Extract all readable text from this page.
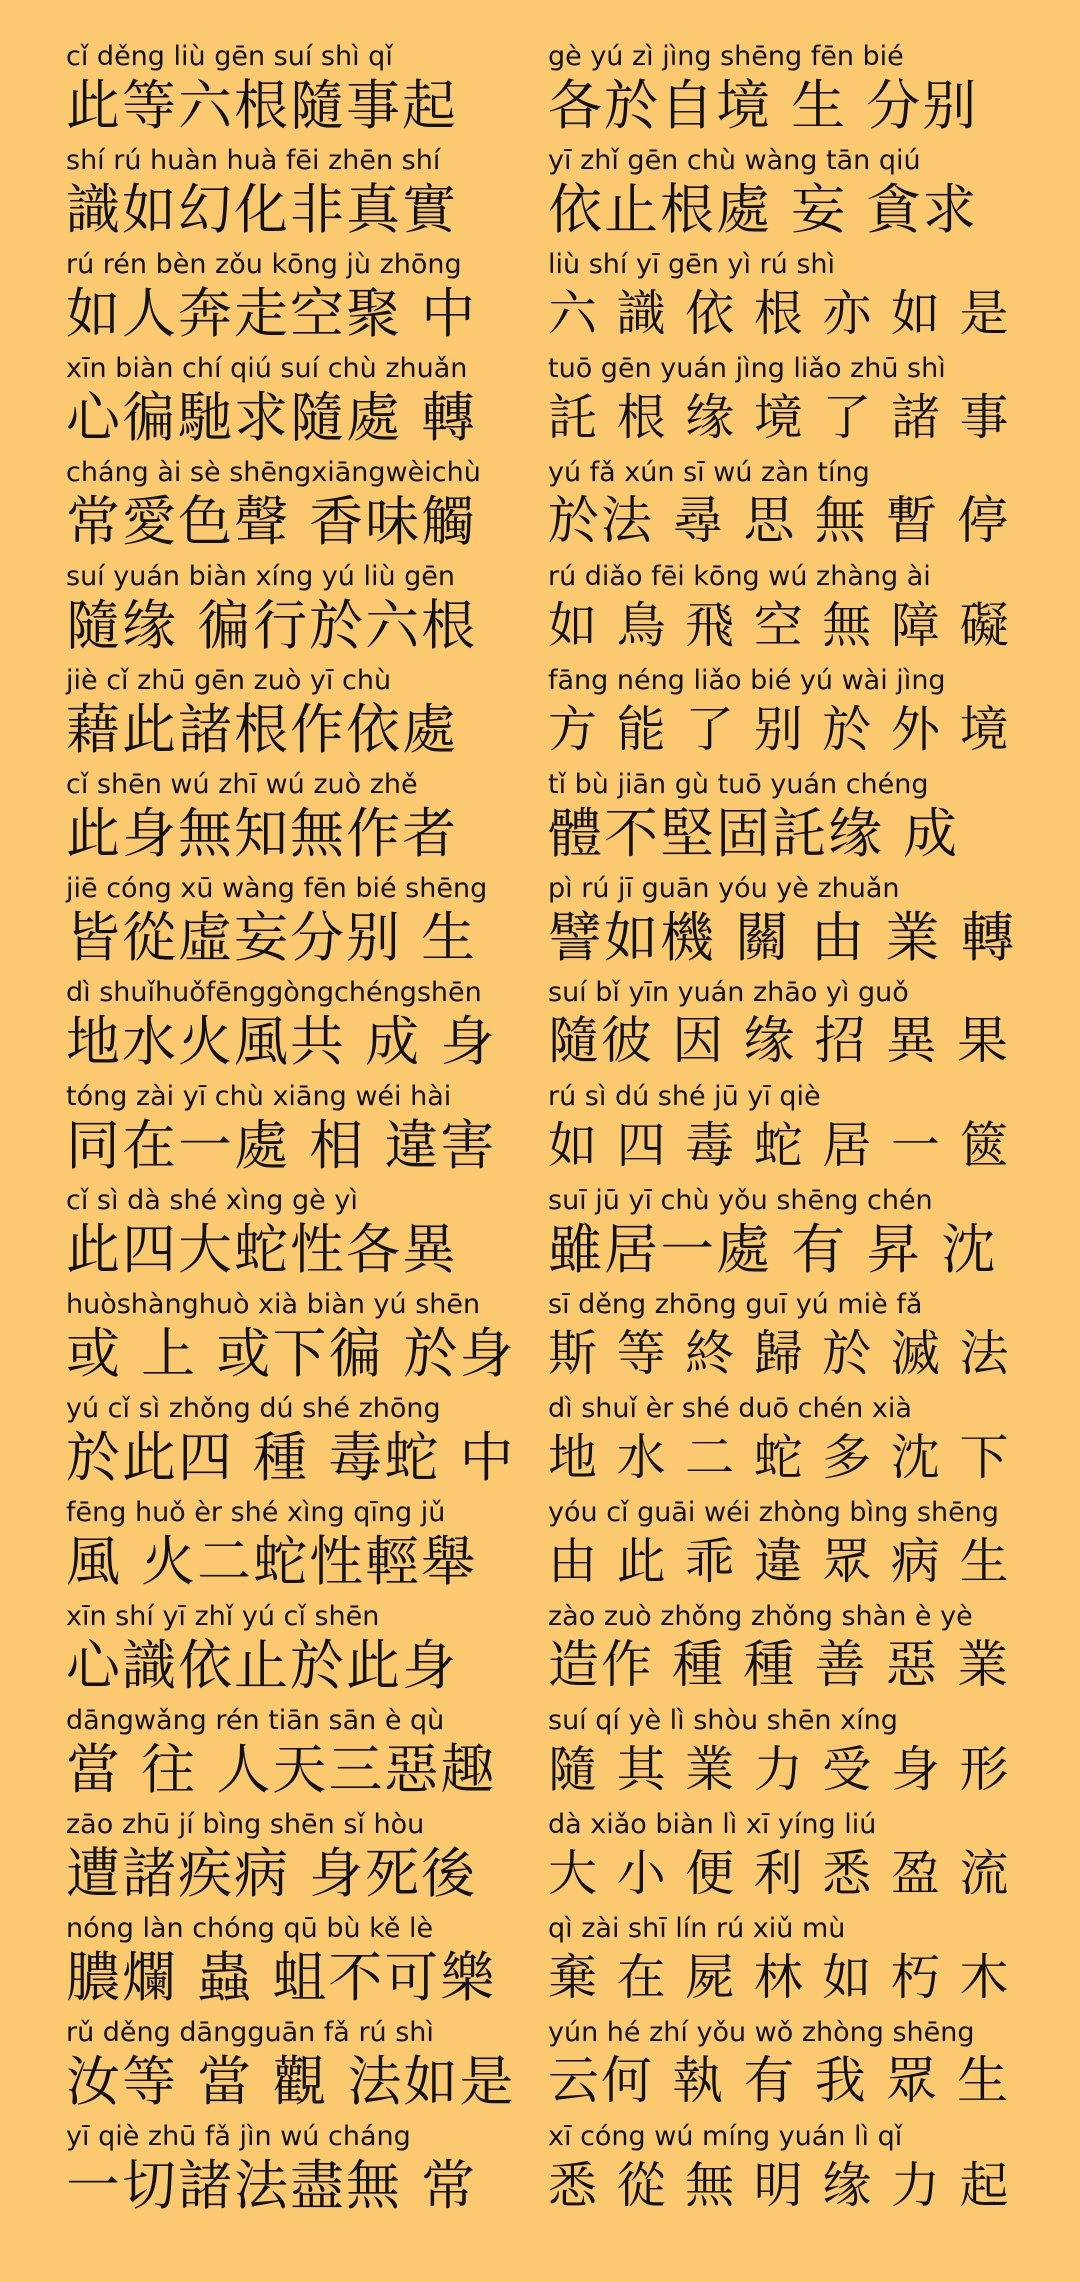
cǐ děng liù gēn suí shì qǐ
此等六根隨事起
shí rú huàn huà fēi zhēn shí
識如幻化非真實
rú rén bèn zǒu kōng jù zhōng
如人奔走空聚 中
xīn biàn chí qiú suí chù zhuǎn
心徧馳求隨處 轉
cháng ài sè shēngxiāngwèichù
常愛色聲 香味觸
suí yuán biàn xíng yú liù gēn
隨缘 徧行於六根
jiè cǐ zhū gēn zuò yī chù
藉此諸根作依處
cǐ shēn wú zhī wú zuò zhě
此身無知無作者
jiē cóng xū wàng fēn bié shēng
皆從虛妄分别 生
dì shuǐhuǒfēnggòngchéngshēn
地水火風共 成 身
tóng zài yī chù xiāng wéi hài
同在一處 相 違害
cǐ sì dà shé xìng gè yì
此四大蛇性各異
huòshànghuò xià biàn yú shēn
或 上 或下徧 於身
yú cǐ sì zhǒng dú shé zhōng
於此四 種 毒蛇 中
fēng huǒ èr shé xìng qīng jǔ
風 火二蛇性輕舉
xīn shí yī zhǐ yú cǐ shēn
心識依止於此身
dāngwǎng rén tiān sān è qù
當 往 人天三惡趣
zāo zhū jí bìng shēn sǐ hòu
遭諸疾病 身死後
nóng làn chóng qū bù kě lè
膿爛 蟲 蛆不可樂
rǔ děng dāngguān fǎ rú shì
汝等 當 觀 法如是
yī qiè zhū fǎ jìn wú cháng
一切諸法盡無 常
gè yú zì jìng shēng fēn bié
各於自境 生 分别
yī zhǐ gēn chù wàng tān qiú
依止根處 妄 貪求
liù shí yī gēn yì rú shì
六 識 依 根 亦 如 是
tuō gēn yuán jìng liǎo zhū shì
託 根 缘 境 了 諸 事
yú fǎ xún sī wú zàn tíng
於法 尋 思 無 暫 停
rú diǎo fēi kōng wú zhàng ài
如 鳥 飛 空 無 障 礙
fāng néng liǎo bié yú wài jìng
方 能 了 别 於 外 境
tǐ bù jiān gù tuō yuán chéng
體不堅固託缘 成
pì rú jī guān yóu yè zhuǎn
譬如機 關 由 業 轉
suí bǐ yīn yuán zhāo yì guǒ
隨彼 因 缘 招 異 果
rú sì dú shé jū yī qiè
如 四 毒 蛇 居 一 篋
suī jū yī chù yǒu shēng chén
雖居一處 有 昇 沈
sī děng zhōng guī yú miè fǎ
斯 等 終 歸 於 滅 法
dì shuǐ èr shé duō chén xià
地 水 二 蛇 多 沈 下
yóu cǐ guāi wéi zhòng bìng shēng
由 此 乖 違 眾 病 生
zào zuò zhǒng zhǒng shàn è yè
造作 種 種 善 惡 業
suí qí yè lì shòu shēn xíng
隨 其 業 力 受 身 形
dà xiǎo biàn lì xī yíng liú
大 小 便 利 悉 盈 流
qì zài shī lín rú xiǔ mù
棄 在 屍 林 如 朽 木
yún hé zhí yǒu wǒ zhòng shēng
云何 執 有 我 眾 生
xī cóng wú míng yuán lì qǐ
悉 從 無 明 缘 力 起
